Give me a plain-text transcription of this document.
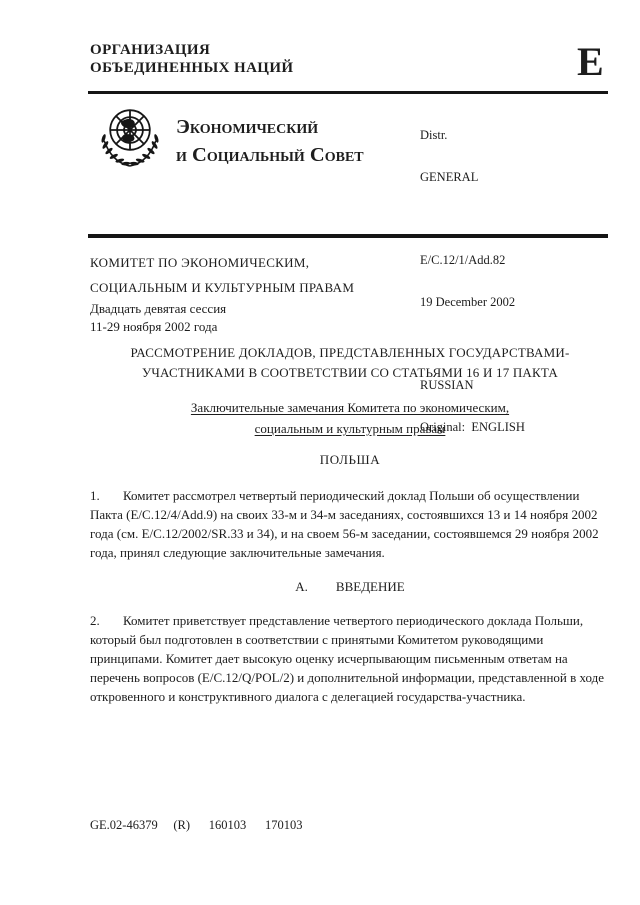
ОРГАНИЗАЦИЯ
ОБЪЕДИНЕННЫХ НАЦИЙ	E
Экономический
и Социальный Совет

Distr.

GENERAL

E/C.12/1/Add.82

19 December 2002

RUSSIAN

Original:  ENGLISH

КОМИТЕТ ПО ЭКОНОМИЧЕСКИМ,
СОЦИАЛЬНЫМ И КУЛЬТУРНЫМ ПРАВАМ
Двадцать девятая сессия
11-29 ноября 2002 года
РАССМОТРЕНИЕ ДОКЛАДОВ, ПРЕДСТАВЛЕННЫХ ГОСУДАРСТВАМИ-
УЧАСТНИКАМИ В СООТВЕТСТВИИ СО СТАТЬЯМИ 16 И 17 ПАКТА
Заключительные замечания Комитета по экономическим,
социальным и культурным правам
ПОЛЬША
1. Комитет рассмотрел четвертый периодический доклад Польши об осуществлении Пакта (E/C.12/4/Add.9) на своих 33-м и 34-м заседаниях, состоявшихся 13 и 14 ноября 2002 года (см. E/C.12/2002/SR.33 и 34), и на своем 56-м заседании, состоявшемся 29 ноября 2002 года, принял следующие заключительные замечания.
А. ВВЕДЕНИЕ
2. Комитет приветствует представление четвертого периодического доклада Польши, который был подготовлен в соответствии с принятыми Комитетом руководящими принципами. Комитет дает высокую оценку исчерпывающим письменным ответам на перечень вопросов (E/C.12/Q/POL/2) и дополнительной информации, представленной в ходе откровенного и конструктивного диалога с делегацией государства-участника.
GE.02-46379     (R)      160103      170103
